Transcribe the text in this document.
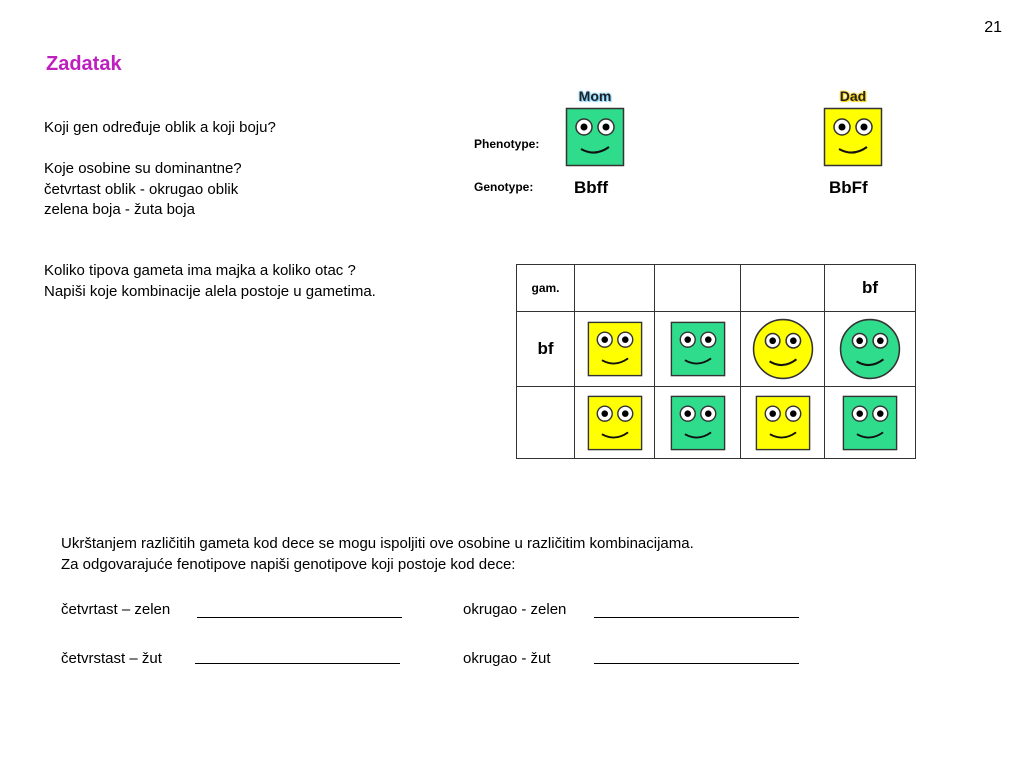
21
Zadatak
Koji gen određuje oblik a koji boju?
Koje osobine su dominantne?
četvrtast oblik - okrugao oblik
zelena boja - žuta boja
Koliko tipova gameta ima majka a koliko otac ?
Napiši koje kombinacije alela postoje u gametima.
Phenotype:
Genotype:
Mom
Bbff
Dad
BbFf
gam.				bf
bf	

Ukrštanjem različitih gameta kod dece se mogu ispoljiti ove osobine u različitim kombinacijama.
Za odgovarajuće fenotipove napiši genotipove koji postoje kod dece:
četvrtast – zelen	okrugao - zelen
četvrstast – žut	okrugao - žut
